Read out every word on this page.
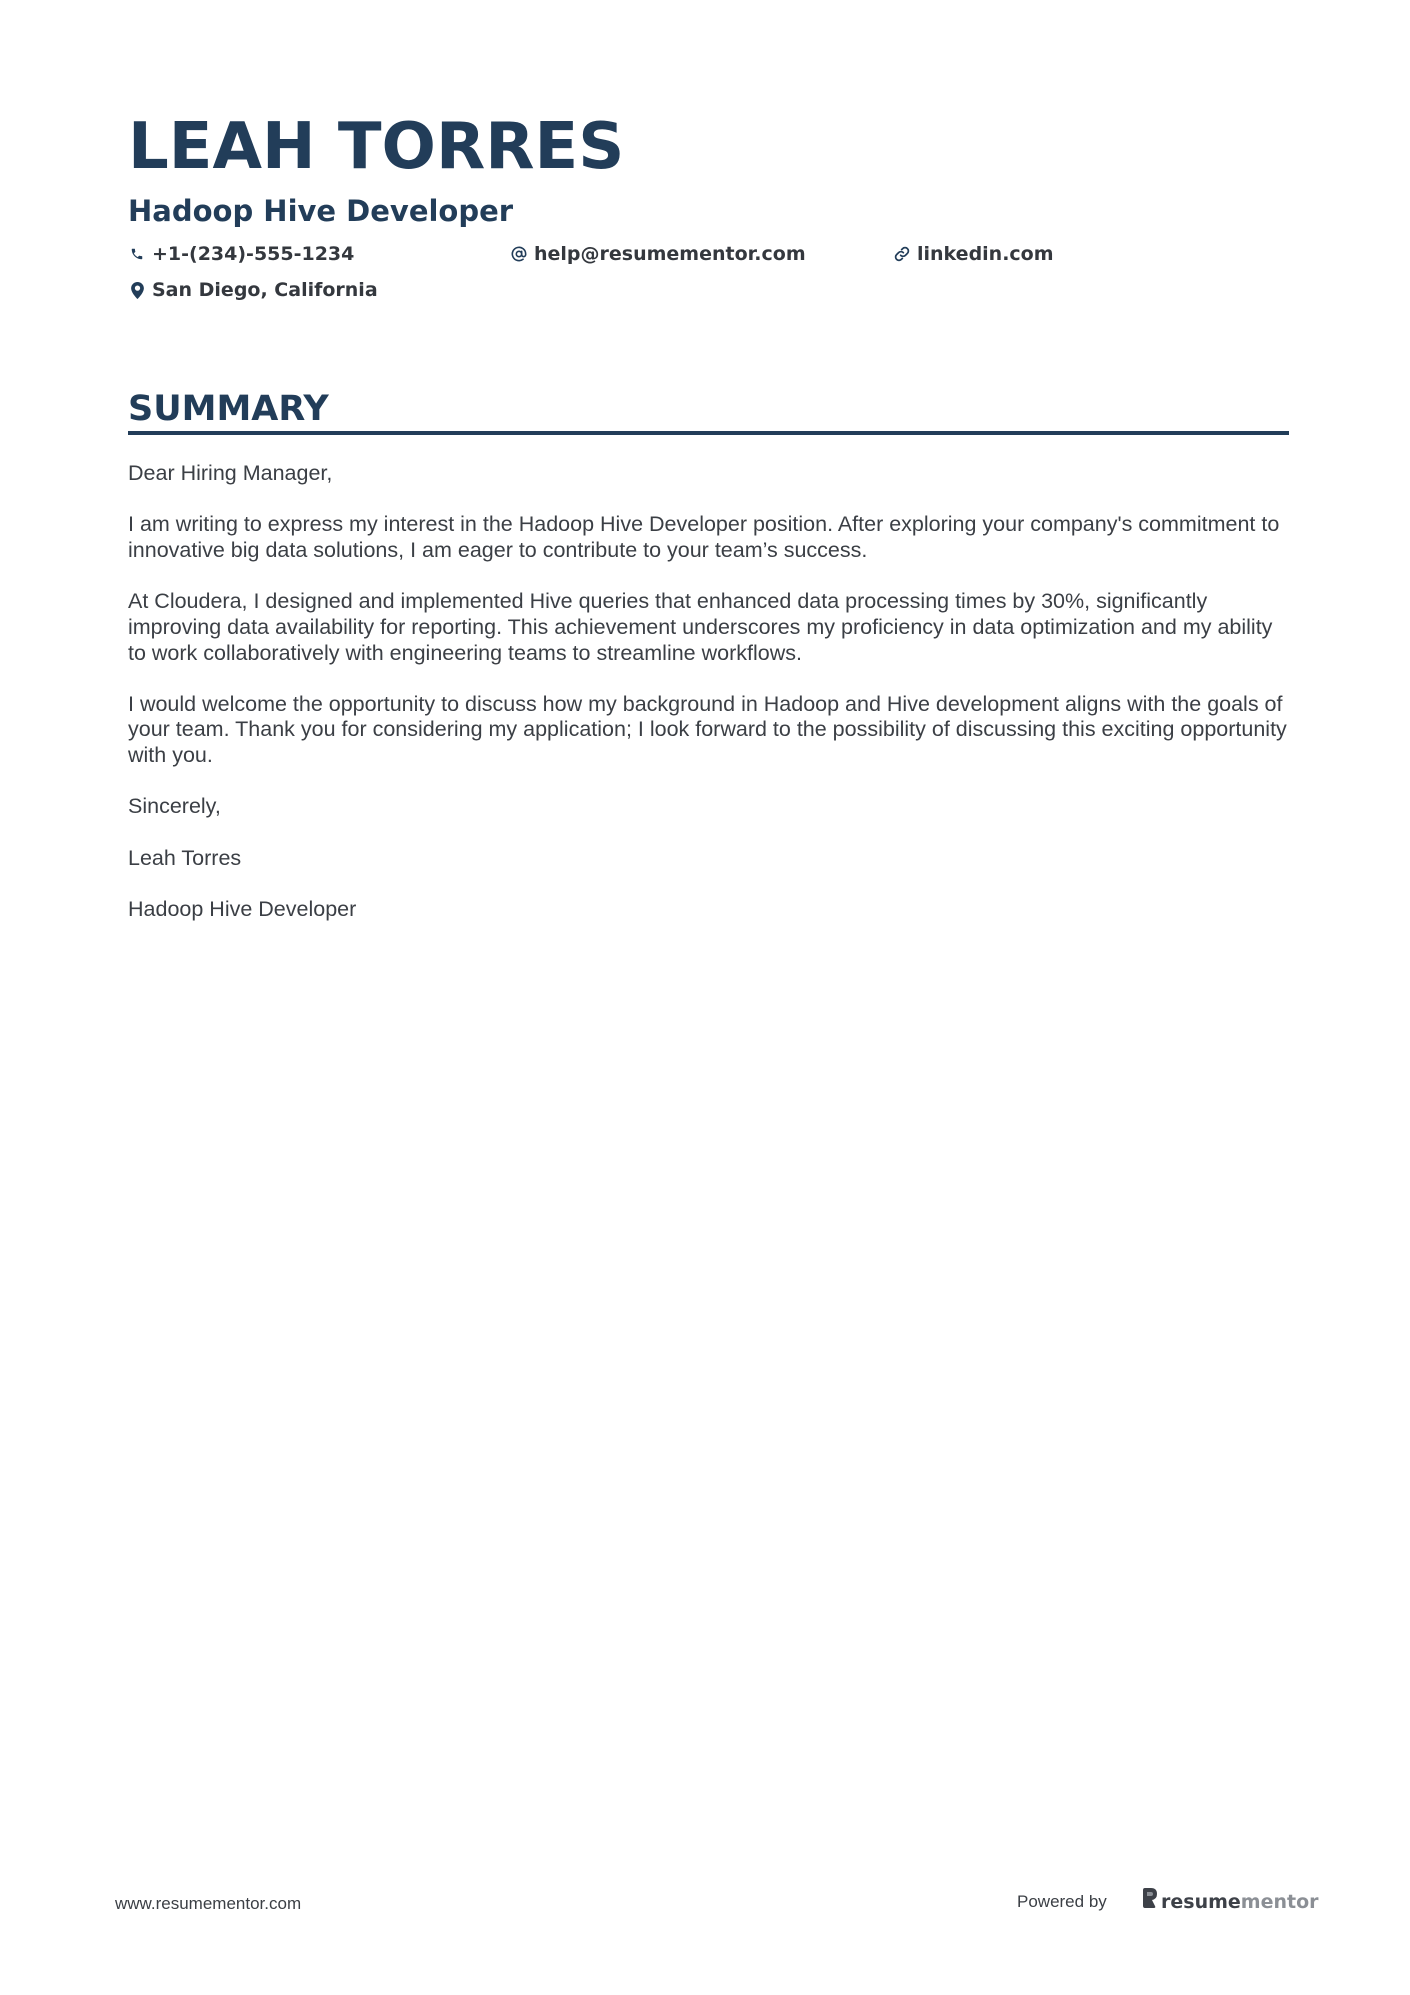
LEAH TORRES
Hadoop Hive Developer
+1-(234)-555-1234	help@resumementor.com	linkedin.com
San Diego, California
SUMMARY

Dear Hiring Manager,

I am writing to express my interest in the Hadoop Hive Developer position. After exploring your company's commitment to innovative big data solutions, I am eager to contribute to your team’s success.

At Cloudera, I designed and implemented Hive queries that enhanced data processing times by 30%, significantly improving data availability for reporting. This achievement underscores my proficiency in data optimization and my ability to work collaboratively with engineering teams to streamline workflows.

I would welcome the opportunity to discuss how my background in Hadoop and Hive development aligns with the goals of your team. Thank you for considering my application; I look forward to the possibility of discussing this exciting opportunity with you.

Sincerely,

Leah Torres

Hadoop Hive Developer

www.resumementor.com	Powered by	resume mentor
